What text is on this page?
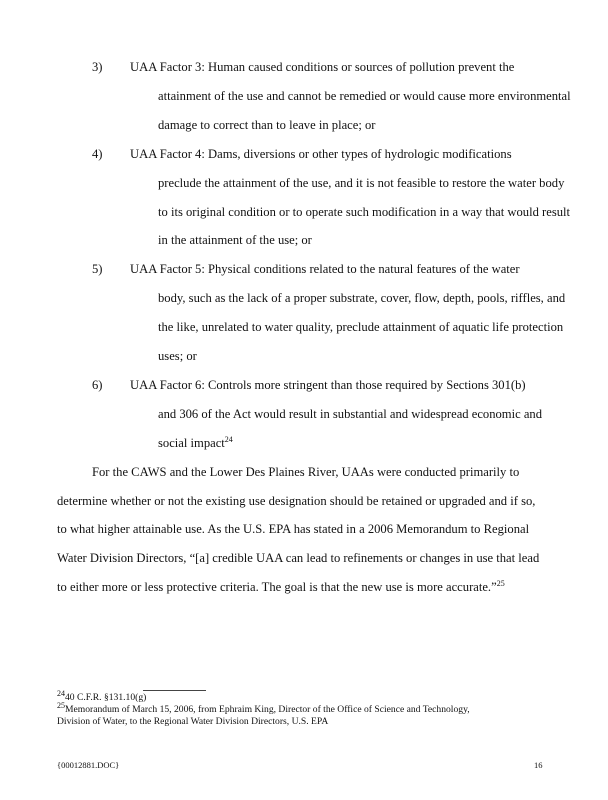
3) UAA Factor 3: Human caused conditions or sources of pollution prevent the
attainment of the use and cannot be remedied or would cause more environmental
damage to correct than to leave in place; or
4) UAA Factor 4: Dams, diversions or other types of hydrologic modifications
preclude the attainment of the use, and it is not feasible to restore the water body
to its original condition or to operate such modification in a way that would result
in the attainment of the use; or
5) UAA Factor 5: Physical conditions related to the natural features of the water
body, such as the lack of a proper substrate, cover, flow, depth, pools, riffles, and
the like, unrelated to water quality, preclude attainment of aquatic life protection
uses; or
6) UAA Factor 6: Controls more stringent than those required by Sections 301(b)
and 306 of the Act would result in substantial and widespread economic and
social impact$^{24}$
For the CAWS and the Lower Des Plaines River, UAAs were conducted primarily to
determine whether or not the existing use designation should be retained or upgraded and if so,
to what higher attainable use. As the U.S. EPA has stated in a 2006 Memorandum to Regional
Water Division Directors, “[a] credible UAA can lead to refinements or changes in use that lead
to either more or less protective criteria. The goal is that the new use is more accurate.”$^{25}$
$^{24}$40 C.F.R. §131.10(g)
$^{25}$Memorandum of March 15, 2006, from Ephraim King, Director of the Office of Science and Technology,
Division of Water, to the Regional Water Division Directors, U.S. EPA
{00012881.DOC}	16
